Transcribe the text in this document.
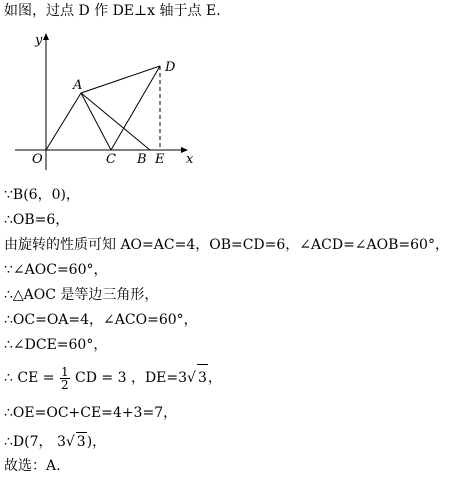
如图，过点 D 作 DE⊥x 轴于点 E.
y
x
O
A
C B E
D
∵B(6，0)，
∴OB=6，
由旋转的性质可知 AO=AC=4，OB=CD=6，∠ACD=∠AOB=60°，
∵∠AOC=60°，
∴△AOC 是等边三角形，
∴OC=OA=4，∠ACO=60°，
∴∠DCE=60°，
∴ CE = $\frac{1}{2}$ CD = 3 ，DE=3√ 3，
∴OE=OC+CE=4+3=7，
∴D(7， 3√ 3)，
故选：A.
